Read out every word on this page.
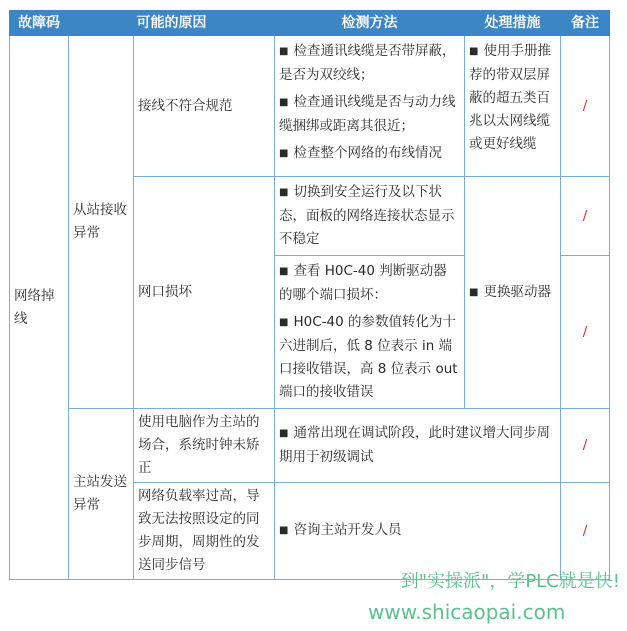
故障码	可能的原因		检测方法	处理措施	备注
网络掉线	从站接收异常	接线不符合规范	■ 检查通讯线缆是否带屏蔽，是否为双绞线；
■ 检查通讯线缆是否与动力线缆捆绑或距离其很近；
■ 检查整个网络的布线情况	■ 使用手册推荐的带双层屏蔽的超五类百兆以太网线缆或更好线缆	/
		网口损坏	■ 切换到安全运行及以下状态，面板的网络连接状态显示不稳定	■ 更换驱动器	/

			■ 查看 H0C-40 判断驱动器的哪个端口损坏：
■ H0C-40 的参数值转化为十六进制后，低 8 位表示 in 端口接收错误，高 8 位表示 out 端口的接收错误		/
	主站发送异常	使用电脑作为主站的场合，系统时钟未矫正	■ 通常出现在调试阶段，此时建议增大同步周期用于初级调试		/
		网络负载率过高，导致无法按照设定的同步周期，周期性的发送同步信号	■ 咨询主站开发人员		/
到"实操派"，学PLC就是快!
www.shicaopai.com
